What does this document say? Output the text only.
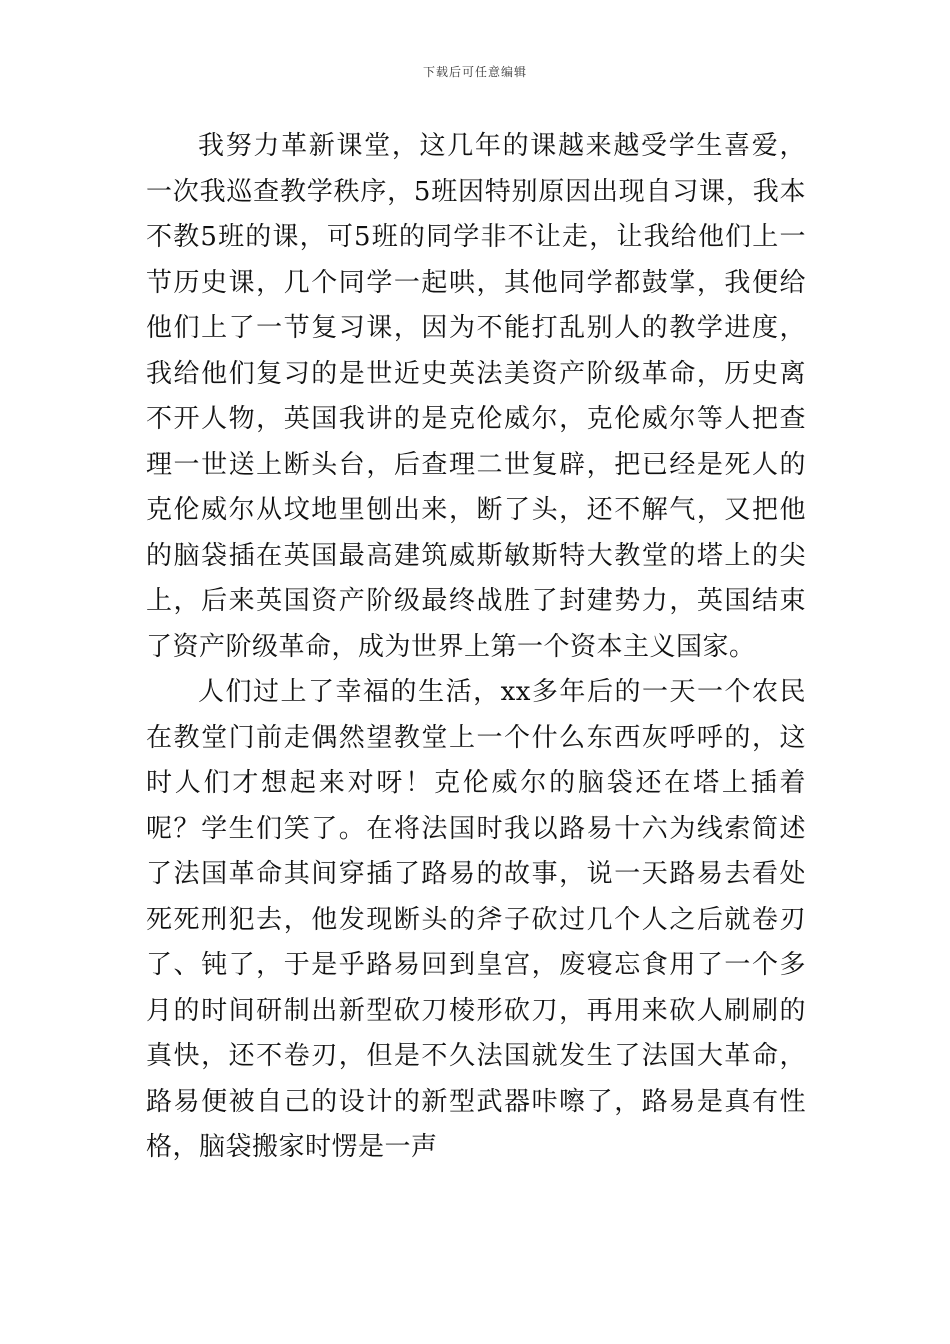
下载后可任意编辑

我努力革新课堂，这几年的课越来越受学生喜爱，一次我巡查教学秩序，5班因特别原因出现自习课，我本不教5班的课，可5班的同学非不让走，让我给他们上一节历史课，几个同学一起哄，其他同学都鼓掌，我便给他们上了一节复习课，因为不能打乱别人的教学进度，我给他们复习的是世近史英法美资产阶级革命，历史离不开人物，英国我讲的是克伦威尔，克伦威尔等人把查理一世送上断头台，后查理二世复辟，把已经是死人的克伦威尔从坟地里刨出来，断了头，还不解气，又把他的脑袋插在英国最高建筑威斯敏斯特大教堂的塔上的尖上，后来英国资产阶级最终战胜了封建势力，英国结束了资产阶级革命，成为世界上第一个资本主义国家。

人们过上了幸福的生活，xx多年后的一天一个农民在教堂门前走偶然望教堂上一个什么东西灰呼呼的，这时人们才想起来对呀！克伦威尔的脑袋还在塔上插着呢？学生们笑了。在将法国时我以路易十六为线索简述了法国革命其间穿插了路易的故事，说一天路易去看处死死刑犯去，他发现断头的斧子砍过几个人之后就卷刃了、钝了，于是乎路易回到皇宫，废寝忘食用了一个多月的时间研制出新型砍刀棱形砍刀，再用来砍人刷刷的真快，还不卷刃，但是不久法国就发生了法国大革命，路易便被自己的设计的新型武器咔嚓了，路易是真有性格，脑袋搬家时愣是一声
